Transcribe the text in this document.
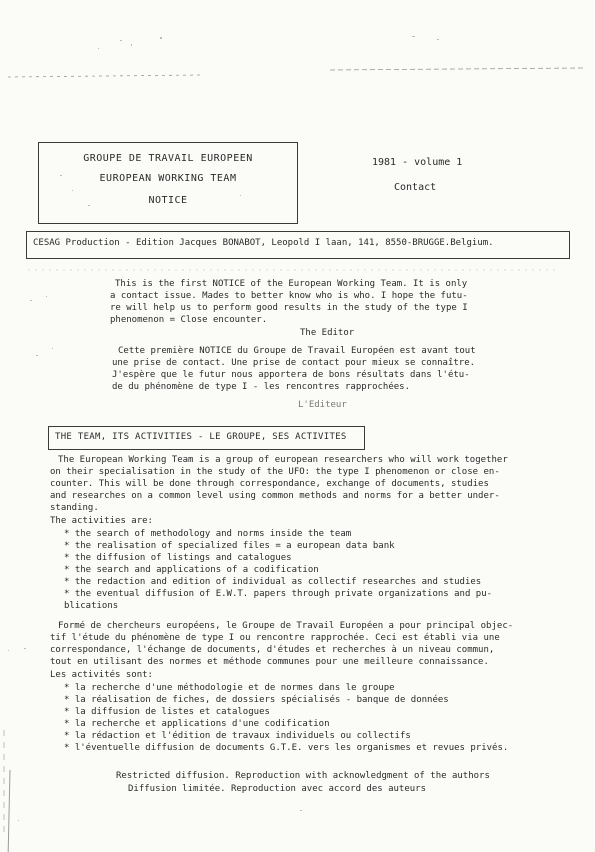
GROUPE DE TRAVAIL EUROPEEN
EUROPEAN WORKING TEAM
NOTICE
1981 - volume 1
Contact
CESAG Production - Edition Jacques BONABOT, Leopold I laan, 141, 8550-BRUGGE.Belgium.
This is the first NOTICE of the European Working Team. It is only
a contact issue. Mades to better know who is who. I hope the futu-
re will help us to perform good results in the study of the type I
phenomenon = Close encounter.
The Editor
Cette première NOTICE du Groupe de Travail Européen est avant tout
une prise de contact. Une prise de contact pour mieux se connaître.
J'espère que le futur nous apportera de bons résultats dans l'étu-
de du phénomène de type I - les rencontres rapprochées.
L'Editeur
THE TEAM, ITS ACTIVITIES - LE GROUPE, SES ACTIVITES
The European Working Team is a group of european researchers who will work together
on their specialisation in the study of the UFO: the type I phenomenon or close en-
counter. This will be done through correspondance, exchange of documents, studies
and researches on a common level using common methods and norms for a better under-
standing.
The activities are:
* the search of methodology and norms inside the team
* the realisation of specialized files = a european data bank
* the diffusion of listings and catalogues
* the search and applications of a codification
* the redaction and edition of individual as collectif researches and studies
* the eventual diffusion of E.W.T. papers through private organizations and pu-
blications
Formé de chercheurs européens, le Groupe de Travail Européen a pour principal objec-
tif l'étude du phénomène de type I ou rencontre rapprochée. Ceci est établi via une
correspondance, l'échange de documents, d'études et recherches à un niveau commun,
tout en utilisant des normes et méthode communes pour une meilleure connaissance.
Les activités sont:
* la recherche d'une méthodologie et de normes dans le groupe
* la réalisation de fiches, de dossiers spécialisés - banque de données
* la diffusion de listes et catalogues
* la recherche et applications d'une codification
* la rédaction et l'édition de travaux individuels ou collectifs
* l'éventuelle diffusion de documents G.T.E. vers les organismes et revues privés.
Restricted diffusion. Reproduction with acknowledgment of the authors
Diffusion limitée. Reproduction avec accord des auteurs
